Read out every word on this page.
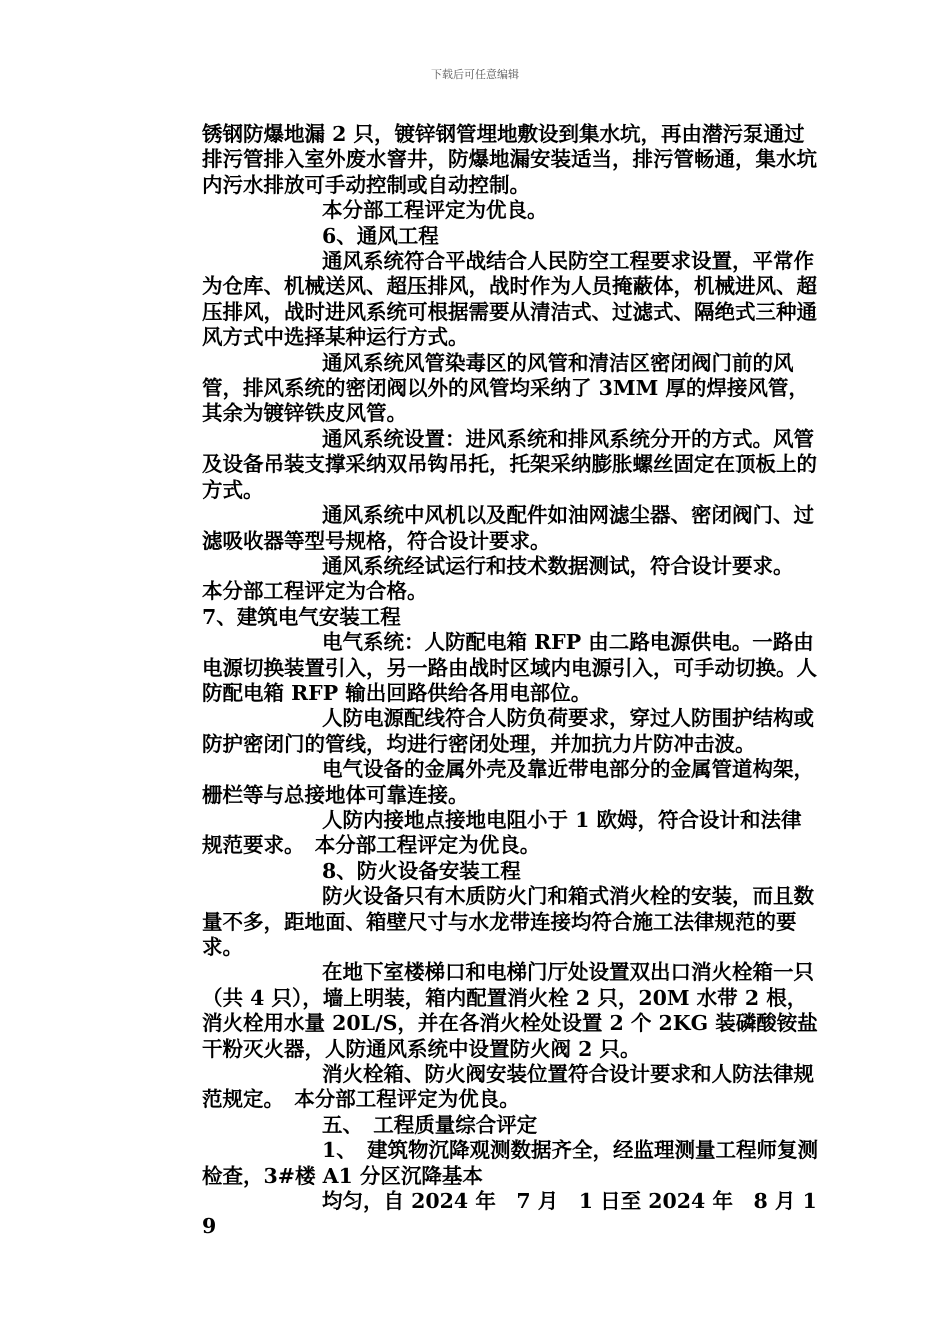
下载后可任意编辑

锈钢防爆地漏 2 只，镀锌钢管埋地敷设到集水坑，再由潜污泵通过排污管排入室外废水窨井，防爆地漏安装适当，排污管畅通，集水坑内污水排放可手动控制或自动控制。

本分部工程评定为优良。

6、通风工程

通风系统符合平战结合人民防空工程要求设置，平常作为仓库、机械送风、超压排风，战时作为人员掩蔽体，机械进风、超压排风，战时进风系统可根据需要从清洁式、过滤式、隔绝式三种通风方式中选择某种运行方式。

通风系统风管染毒区的风管和清洁区密闭阀门前的风管，排风系统的密闭阀以外的风管均采纳了 3MM 厚的焊接风管，其余为镀锌铁皮风管。

通风系统设置：进风系统和排风系统分开的方式。风管及设备吊装支撑采纳双吊钩吊托，托架采纳膨胀螺丝固定在顶板上的方式。

通风系统中风机以及配件如油网滤尘器、密闭阀门、过滤吸收器等型号规格，符合设计要求。

通风系统经试运行和技术数据测试，符合设计要求。　本分部工程评定为合格。

7、建筑电气安装工程

电气系统：人防配电箱 RFP 由二路电源供电。一路由电源切换装置引入，另一路由战时区域内电源引入，可手动切换。人防配电箱 RFP 输出回路供给各用电部位。

人防电源配线符合人防负荷要求，穿过人防围护结构或防护密闭门的管线，均进行密闭处理，并加抗力片防冲击波。

电气设备的金属外壳及靠近带电部分的金属管道构架，栅栏等与总接地体可靠连接。

人防内接地点接地电阻小于 1 欧姆，符合设计和法律规范要求。　本分部工程评定为优良。

8、防火设备安装工程

防火设备只有木质防火门和箱式消火栓的安装，而且数量不多，距地面、箱壁尺寸与水龙带连接均符合施工法律规范的要求。

在地下室楼梯口和电梯门厅处设置双出口消火栓箱一只（共 4 只），墙上明装，箱内配置消火栓 2 只，20M 水带 2 根，消火栓用水量 20L/S，并在各消火栓处设置 2 个 2KG 装磷酸铵盐干粉灭火器，人防通风系统中设置防火阀 2 只。

消火栓箱、防火阀安装位置符合设计要求和人防法律规范规定。　本分部工程评定为优良。

五、　工程质量综合评定

1、　建筑物沉降观测数据齐全，经监理测量工程师复测检查，3#楼 A1 分区沉降基本

均匀，自 2024 年　7 月　1 日至 2024 年　8 月 19
